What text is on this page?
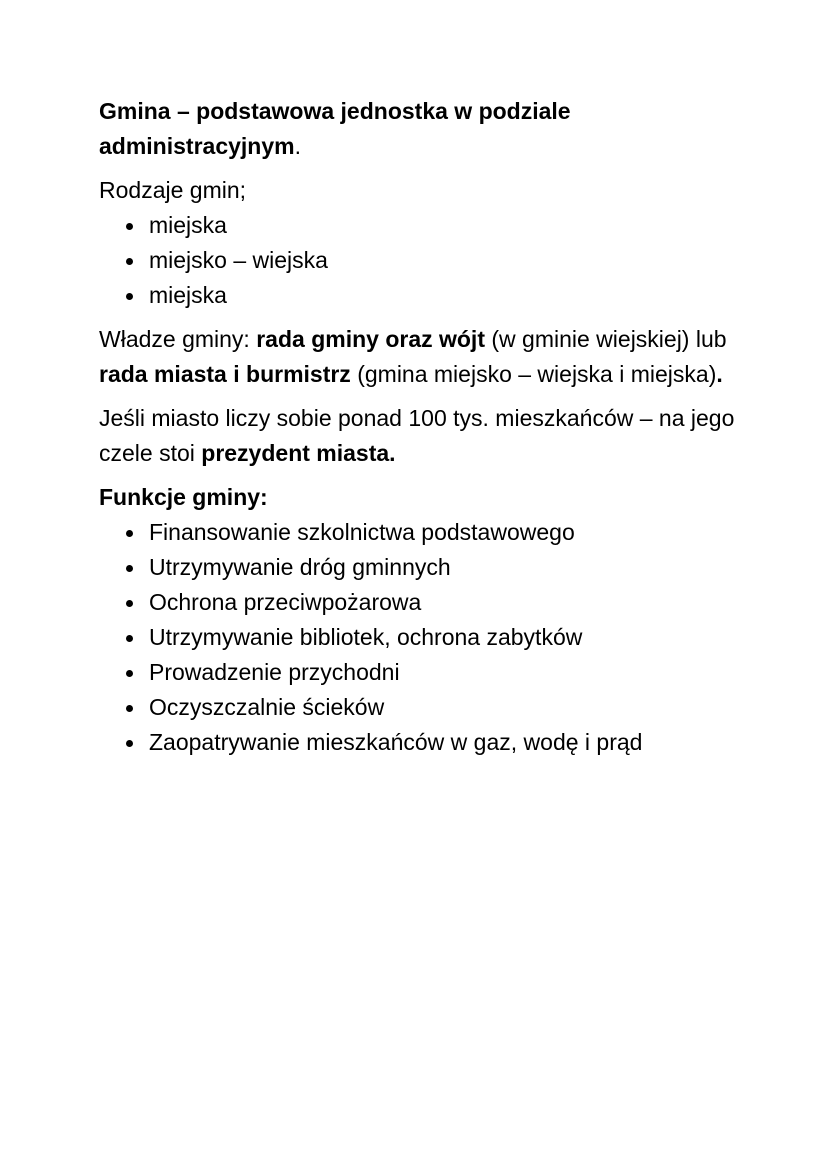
Gmina – podstawowa jednostka w podziale administracyjnym.

Rodzaje gmin;

miejska
miejsko – wiejska
miejska

Władze gminy: rada gminy oraz wójt (w gminie wiejskiej) lub rada miasta i burmistrz (gmina miejsko – wiejska i miejska).

Jeśli miasto liczy sobie ponad 100 tys. mieszkańców – na jego czele stoi prezydent miasta.

Funkcje gminy:

Finansowanie szkolnictwa podstawowego
Utrzymywanie dróg gminnych
Ochrona przeciwpożarowa
Utrzymywanie bibliotek, ochrona zabytków
Prowadzenie przychodni
Oczyszczalnie ścieków
Zaopatrywanie mieszkańców w gaz, wodę i prąd
